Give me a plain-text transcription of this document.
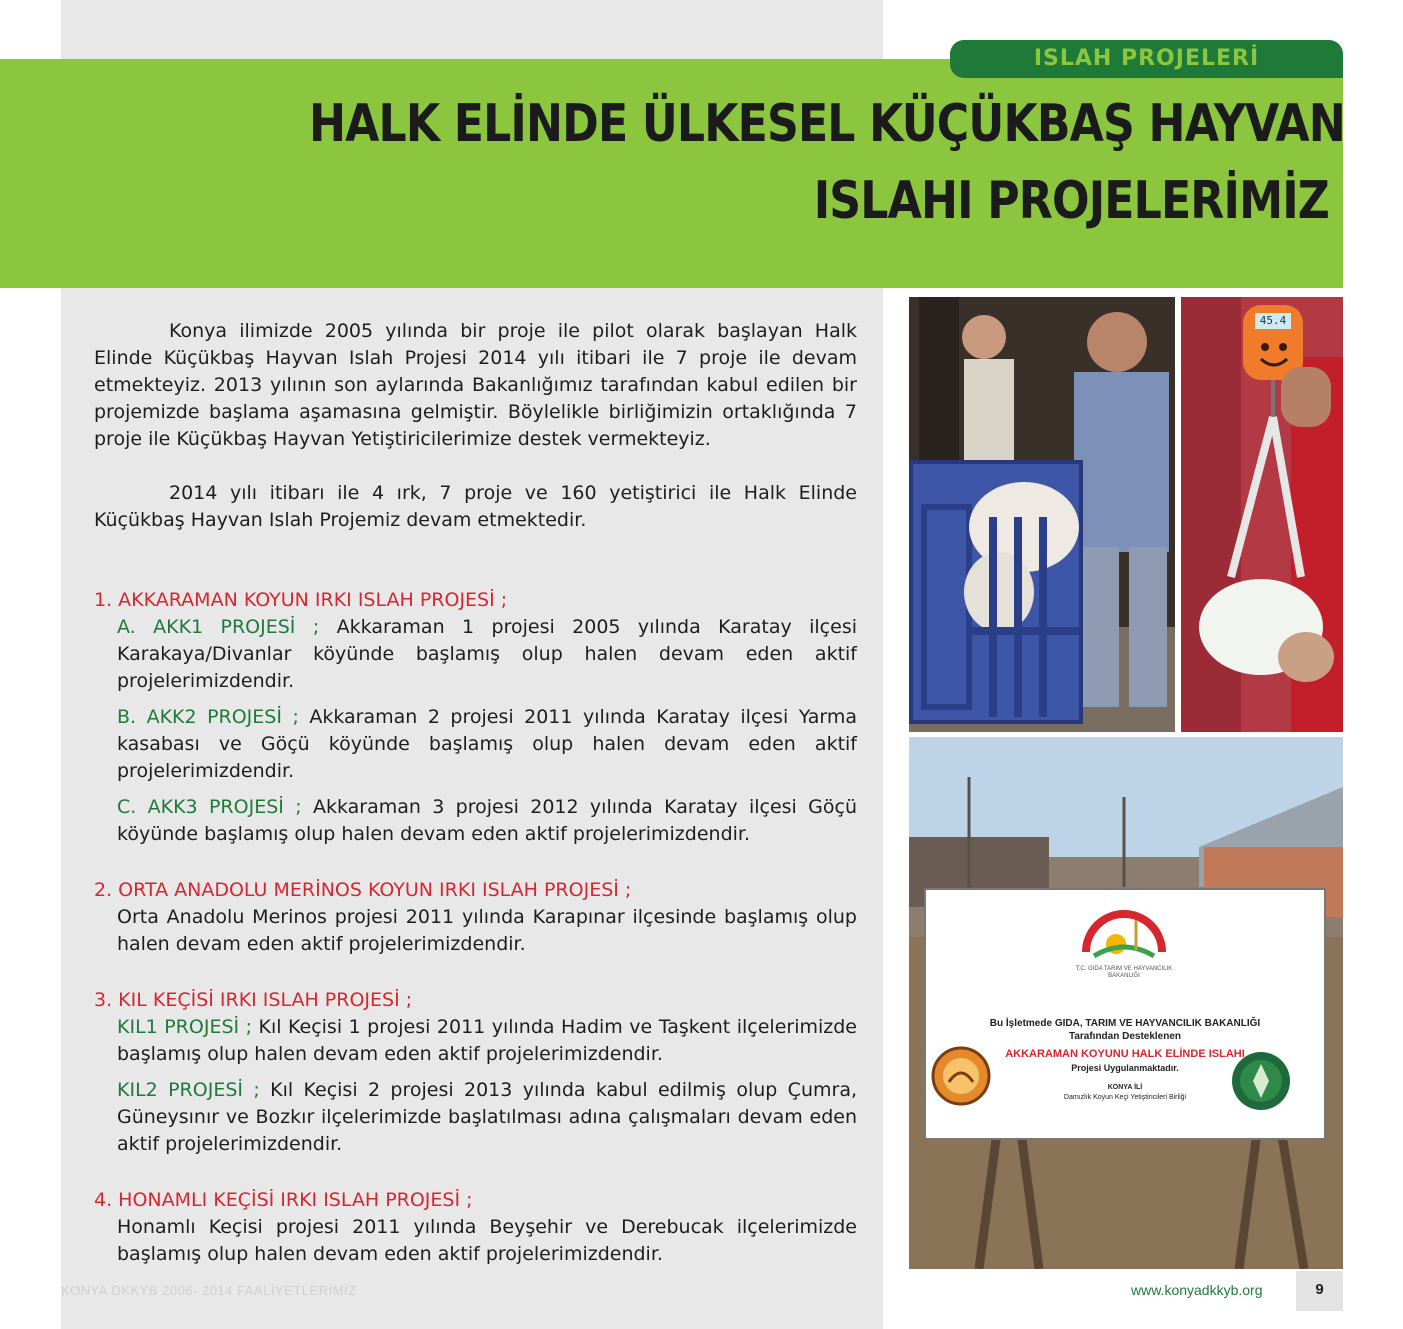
ISLAH PROJELERİ
HALK ELİNDE ÜLKESEL KÜÇÜKBAŞ HAYVAN
ISLAHI PROJELERİMİZ

Konya ilimizde 2005 yılında bir proje ile pilot olarak başlayan Halk Elinde Küçükbaş Hayvan Islah Projesi 2014 yılı itibari ile 7 proje ile devam etmekteyiz. 2013 yılının son aylarında Bakanlığımız tarafından kabul edilen bir projemizde başlama aşamasına gelmiştir. Böylelikle birliğimizin ortaklığında 7 proje ile Küçükbaş Hayvan Yetiştiricilerimize destek vermekteyiz.

2014 yılı itibarı ile 4 ırk, 7 proje ve 160 yetiştirici ile Halk Elinde Küçükbaş Hayvan Islah Projemiz devam etmektedir.

1. AKKARAMAN KOYUN IRKI ISLAH PROJESİ ;

A. AKK1 PROJESİ ; Akkaraman 1 projesi 2005 yılında Karatay ilçesi Karakaya/Divanlar köyünde başlamış olup halen devam eden aktif projelerimizdendir.

B. AKK2 PROJESİ ; Akkaraman 2 projesi 2011 yılında Karatay ilçesi Yarma kasabası ve Göçü köyünde başlamış olup halen devam eden aktif projelerimizdendir.

C. AKK3 PROJESİ ; Akkaraman 3 projesi 2012 yılında Karatay ilçesi Göçü köyünde başlamış olup halen devam eden aktif projelerimizdendir.

2. ORTA ANADOLU MERİNOS KOYUN IRKI ISLAH PROJESİ ;

Orta Anadolu Merinos projesi 2011 yılında Karapınar ilçesinde başlamış olup halen devam eden aktif projelerimizdendir.

3. KIL KEÇİSİ IRKI ISLAH PROJESİ ;

KIL1 PROJESİ ; Kıl Keçisi 1 projesi 2011 yılında Hadim ve Taşkent ilçelerimizde başlamış olup halen devam eden aktif projelerimizdendir.

KIL2 PROJESİ ; Kıl Keçisi 2 projesi 2013 yılında kabul edilmiş olup Çumra, Güneysınır ve Bozkır ilçelerimizde başlatılması adına çalışmaları devam eden aktif projelerimizdendir.

4. HONAMLI KEÇİSİ IRKI ISLAH PROJESİ ;

Honamlı Keçisi projesi 2011 yılında Beyşehir ve Derebucak ilçelerimizde başlamış olup halen devam eden aktif projelerimizdendir.

45.4
T.C. GIDA TARIM VE HAYVANCILIK BAKANLIĞI
Bu İşletmede GIDA, TARIM VE HAYVANCILIK BAKANLIĞI
Tarafından Desteklenen
AKKARAMAN KOYUNU HALK ELİNDE ISLAHI
Projesi Uygulanmaktadır.
KONYA İLİ
Damızlık Koyun Keçi Yetiştiricileri Birliği
KONYA DKKYB 2006- 2014 FAALİYETLERİMİZ	www.konyadkkyb.org	9
